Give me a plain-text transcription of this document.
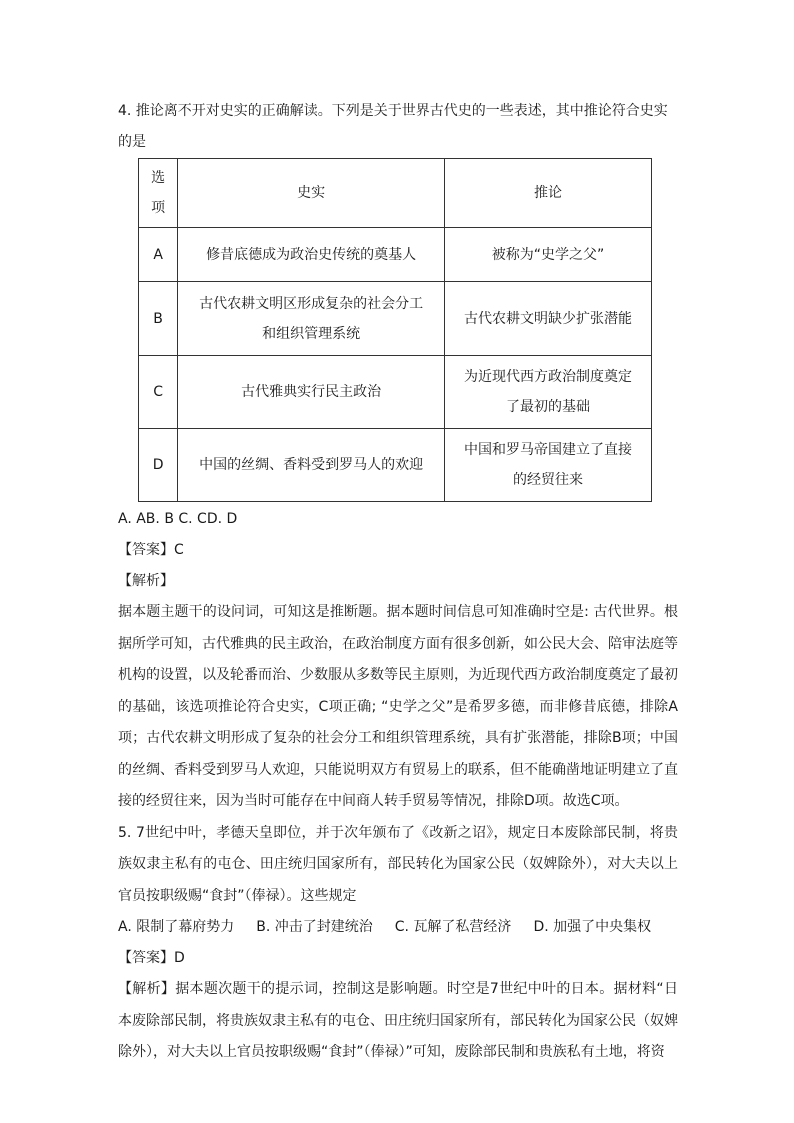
4. 推论离不开对史实的正确解读。下列是关于世界古代史的一些表述，其中推论符合史实
的是
选项	史实	推论
A	修昔底德成为政治史传统的奠基人	被称为“史学之父”
B	古代农耕文明区形成复杂的社会分工和组织管理系统	古代农耕文明缺少扩张潜能
C	古代雅典实行民主政治	为近现代西方政治制度奠定了最初的基础
D	中国的丝绸、香料受到罗马人的欢迎	中国和罗马帝国建立了直接的经贸往来
A. AB. B C. CD. D
【答案】C
【解析】
据本题主题干的设问词，可知这是推断题。据本题时间信息可知准确时空是: 古代世界。根据所学可知，古代雅典的民主政治，在政治制度方面有很多创新，如公民大会、陪审法庭等机构的设置，以及轮番而治、少数服从多数等民主原则，为近现代西方政治制度奠定了最初的基础，该选项推论符合史实，C项正确; “史学之父”是希罗多德，而非修昔底德，排除A项；古代农耕文明形成了复杂的社会分工和组织管理系统，具有扩张潜能，排除B项；中国的丝绸、香料受到罗马人欢迎，只能说明双方有贸易上的联系，但不能确凿地证明建立了直接的经贸往来，因为当时可能存在中间商人转手贸易等情况，排除D项。故选C项。
5. 7世纪中叶，孝德天皇即位，并于次年颁布了《改新之诏》，规定日本废除部民制，将贵族奴隶主私有的屯仓、田庄统归国家所有，部民转化为国家公民（奴婢除外），对大夫以上官员按职级赐“食封”（俸禄）。这些规定
A. 限制了幕府势力 B. 冲击了封建统治 C. 瓦解了私营经济 D. 加强了中央集权
【答案】D
【解析】据本题次题干的提示词，控制这是影响题。时空是7世纪中叶的日本。据材料“日本废除部民制，将贵族奴隶主私有的屯仓、田庄统归国家所有，部民转化为国家公民（奴婢除外），对大夫以上官员按职级赐“食封”（俸禄）”可知，废除部民制和贵族私有土地，将资
